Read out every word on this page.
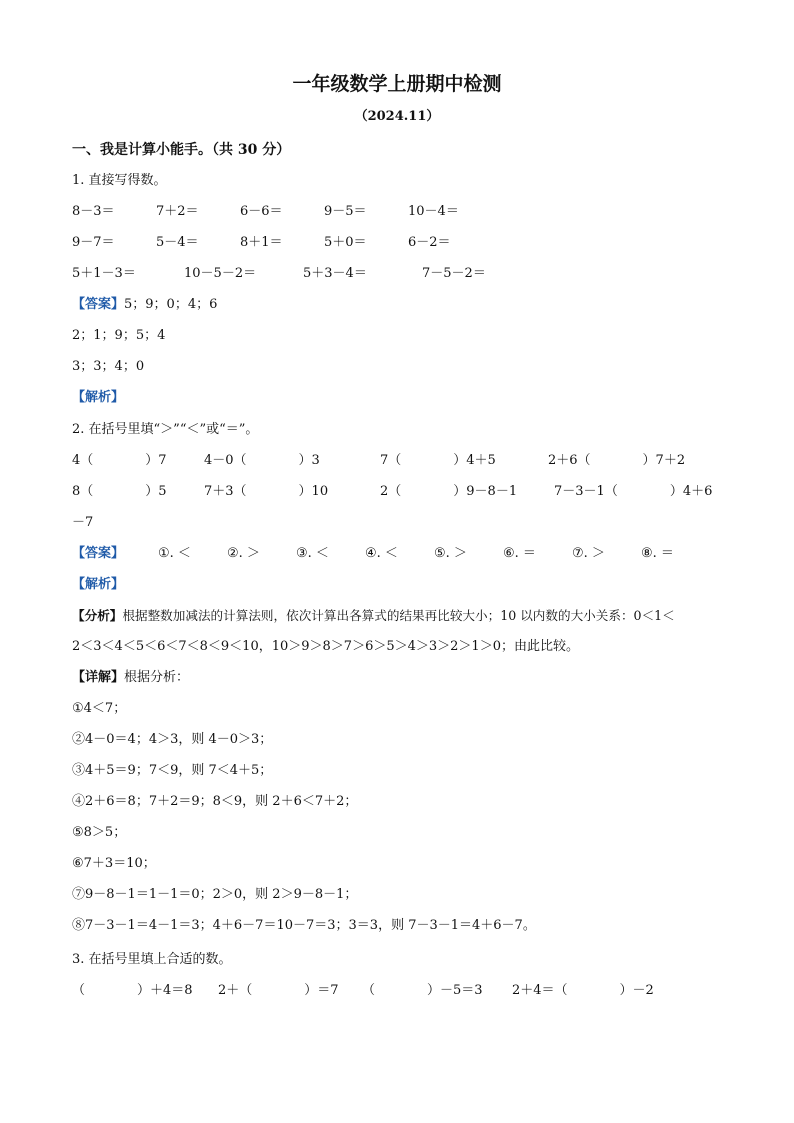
一年级数学上册期中检测
（2024.11）
一、我是计算小能手。（共 30 分）
1. 直接写得数。
8－3＝	7＋2＝	6－6＝	9－5＝	10－4＝
9－7＝	5－4＝	8＋1＝	5＋0＝	6－2＝
5＋1－3＝	10－5－2＝	5＋3－4＝	7－5－2＝
【答案】5；9；0；4；6
2；1；9；5；4
3；3；4；0
【解析】
2. 在括号里填“＞”“＜”或“＝”。
4（　　　　）7	4－0（　　　　）3	7（　　　　）4＋5	2＋6（　　　　）7＋2
8（　　　　）5	7＋3（　　　　）10	2（　　　　）9－8－1	7－3－1（　　　　）4＋6
－7
【答案】	①. ＜	②. ＞	③. ＜	④. ＜	⑤. ＞	⑥. ＝	⑦. ＞	⑧. ＝
【解析】
【分析】根据整数加减法的计算法则，依次计算出各算式的结果再比较大小；10 以内数的大小关系：0＜1＜
2＜3＜4＜5＜6＜7＜8＜9＜10，10＞9＞8＞7＞6＞5＞4＞3＞2＞1＞0；由此比较。
【详解】根据分析：
①4＜7；
②4－0＝4；4＞3，则 4－0＞3；
③4＋5＝9；7＜9，则 7＜4＋5；
④2＋6＝8；7＋2＝9；8＜9，则 2＋6＜7＋2；
⑤8＞5；
⑥7＋3＝10；
⑦9－8－1＝1－1＝0；2＞0，则 2＞9－8－1；
⑧7－3－1＝4－1＝3；4＋6－7＝10－7＝3；3＝3，则 7－3－1＝4＋6－7。
3. 在括号里填上合适的数。
（　　　　）＋4＝8 2＋（　　　　）＝7 （　　　　）－5＝3 2＋4＝（　　　　）－2
